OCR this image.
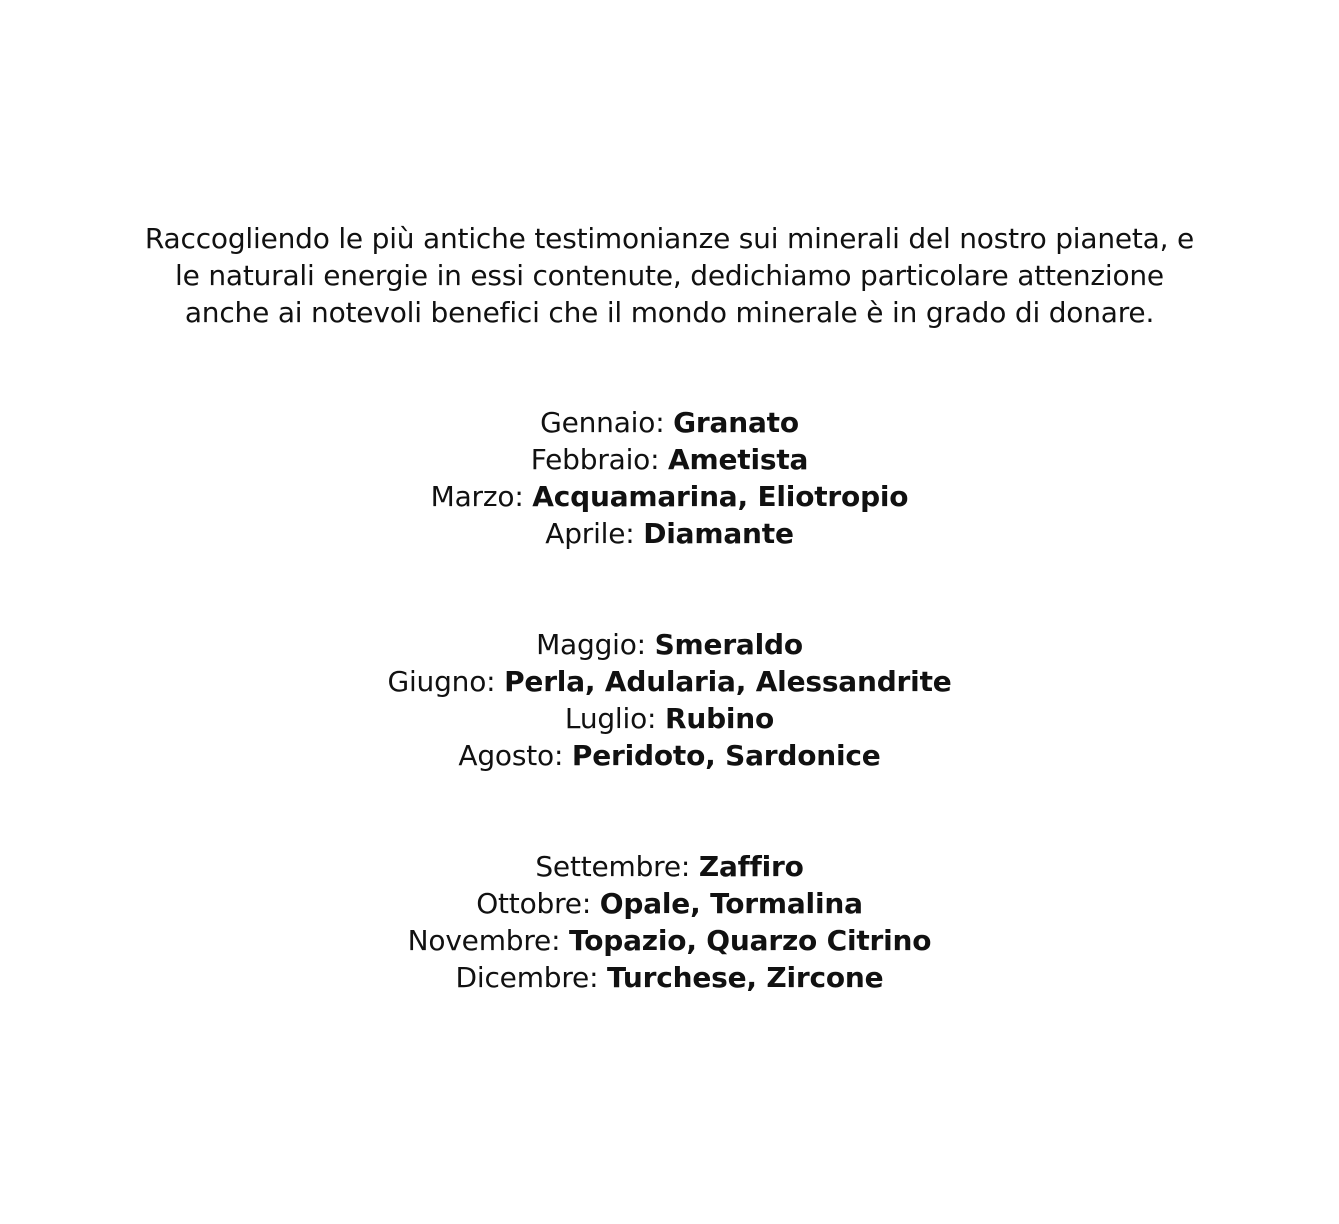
Raccogliendo le più antiche testimonianze sui minerali del nostro pianeta, e
le naturali energie in essi contenute, dedichiamo particolare attenzione
anche ai notevoli benefici che il mondo minerale è in grado di donare.
Gennaio: Granato
Febbraio: Ametista
Marzo: Acquamarina, Eliotropio
Aprile: Diamante
Maggio: Smeraldo
Giugno: Perla, Adularia, Alessandrite
Luglio: Rubino
Agosto: Peridoto, Sardonice
Settembre: Zaffiro
Ottobre: Opale, Tormalina
Novembre: Topazio, Quarzo Citrino
Dicembre: Turchese, Zircone
